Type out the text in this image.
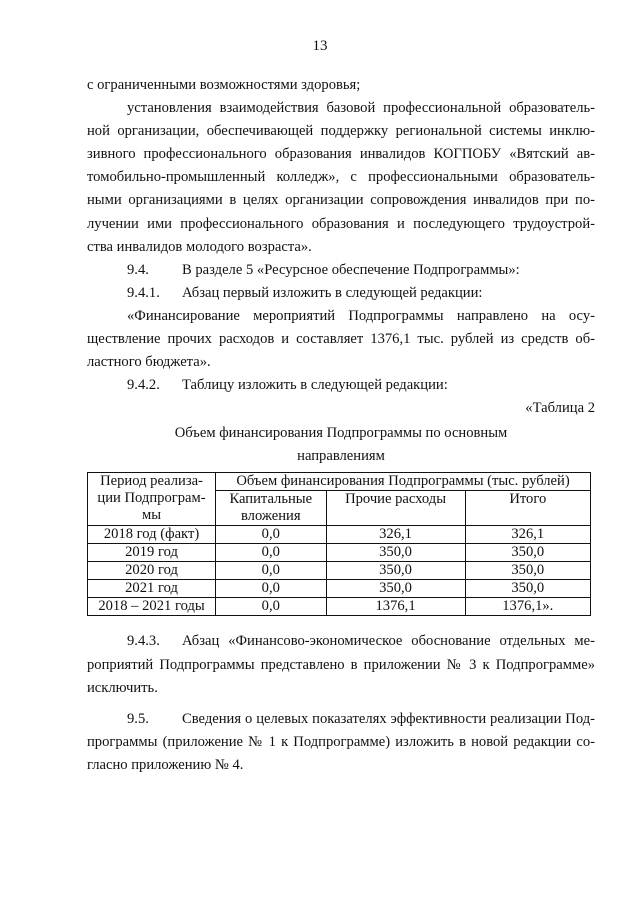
13
с ограниченными возможностями здоровья;
установления взаимодействия базовой профессиональной образователь-
ной организации, обеспечивающей поддержку региональной системы инклю-
зивного профессионального образования инвалидов КОГПОБУ «Вятский ав-
томобильно-промышленный колледж», с профессиональными образователь-
ными организациями в целях организации сопровождения инвалидов при по-
лучении ими профессионального образования и последующего трудоустрой-
ства инвалидов молодого возраста».
9.4. В разделе 5 «Ресурсное обеспечение Подпрограммы»:
9.4.1. Абзац первый изложить в следующей редакции:
«Финансирование мероприятий Подпрограммы направлено на осу-
ществление прочих расходов и составляет 1376,1 тыс. рублей из средств об-
ластного бюджета».
9.4.2. Таблицу изложить в следующей редакции:
«Таблица 2
Объем финансирования Подпрограммы по основным
направлениям
Период реализа-
ции Подпрограм-
мы	Объем финансирования Подпрограммы (тыс. рублей)		
	Капитальные вложения	Прочие расходы	Итого
2018 год (факт)	0,0	326,1	326,1
2019 год	0,0	350,0	350,0
2020 год	0,0	350,0	350,0
2021 год	0,0	350,0	350,0
2018 – 2021 годы	0,0	1376,1	1376,1».
9.4.3. Абзац «Финансово-экономическое обоснование отдельных ме-
роприятий Подпрограммы представлено в приложении № 3 к Подпрограмме»
исключить.
9.5. Сведения о целевых показателях эффективности реализации Под-
программы (приложение № 1 к Подпрограмме) изложить в новой редакции со-
гласно приложению № 4.
